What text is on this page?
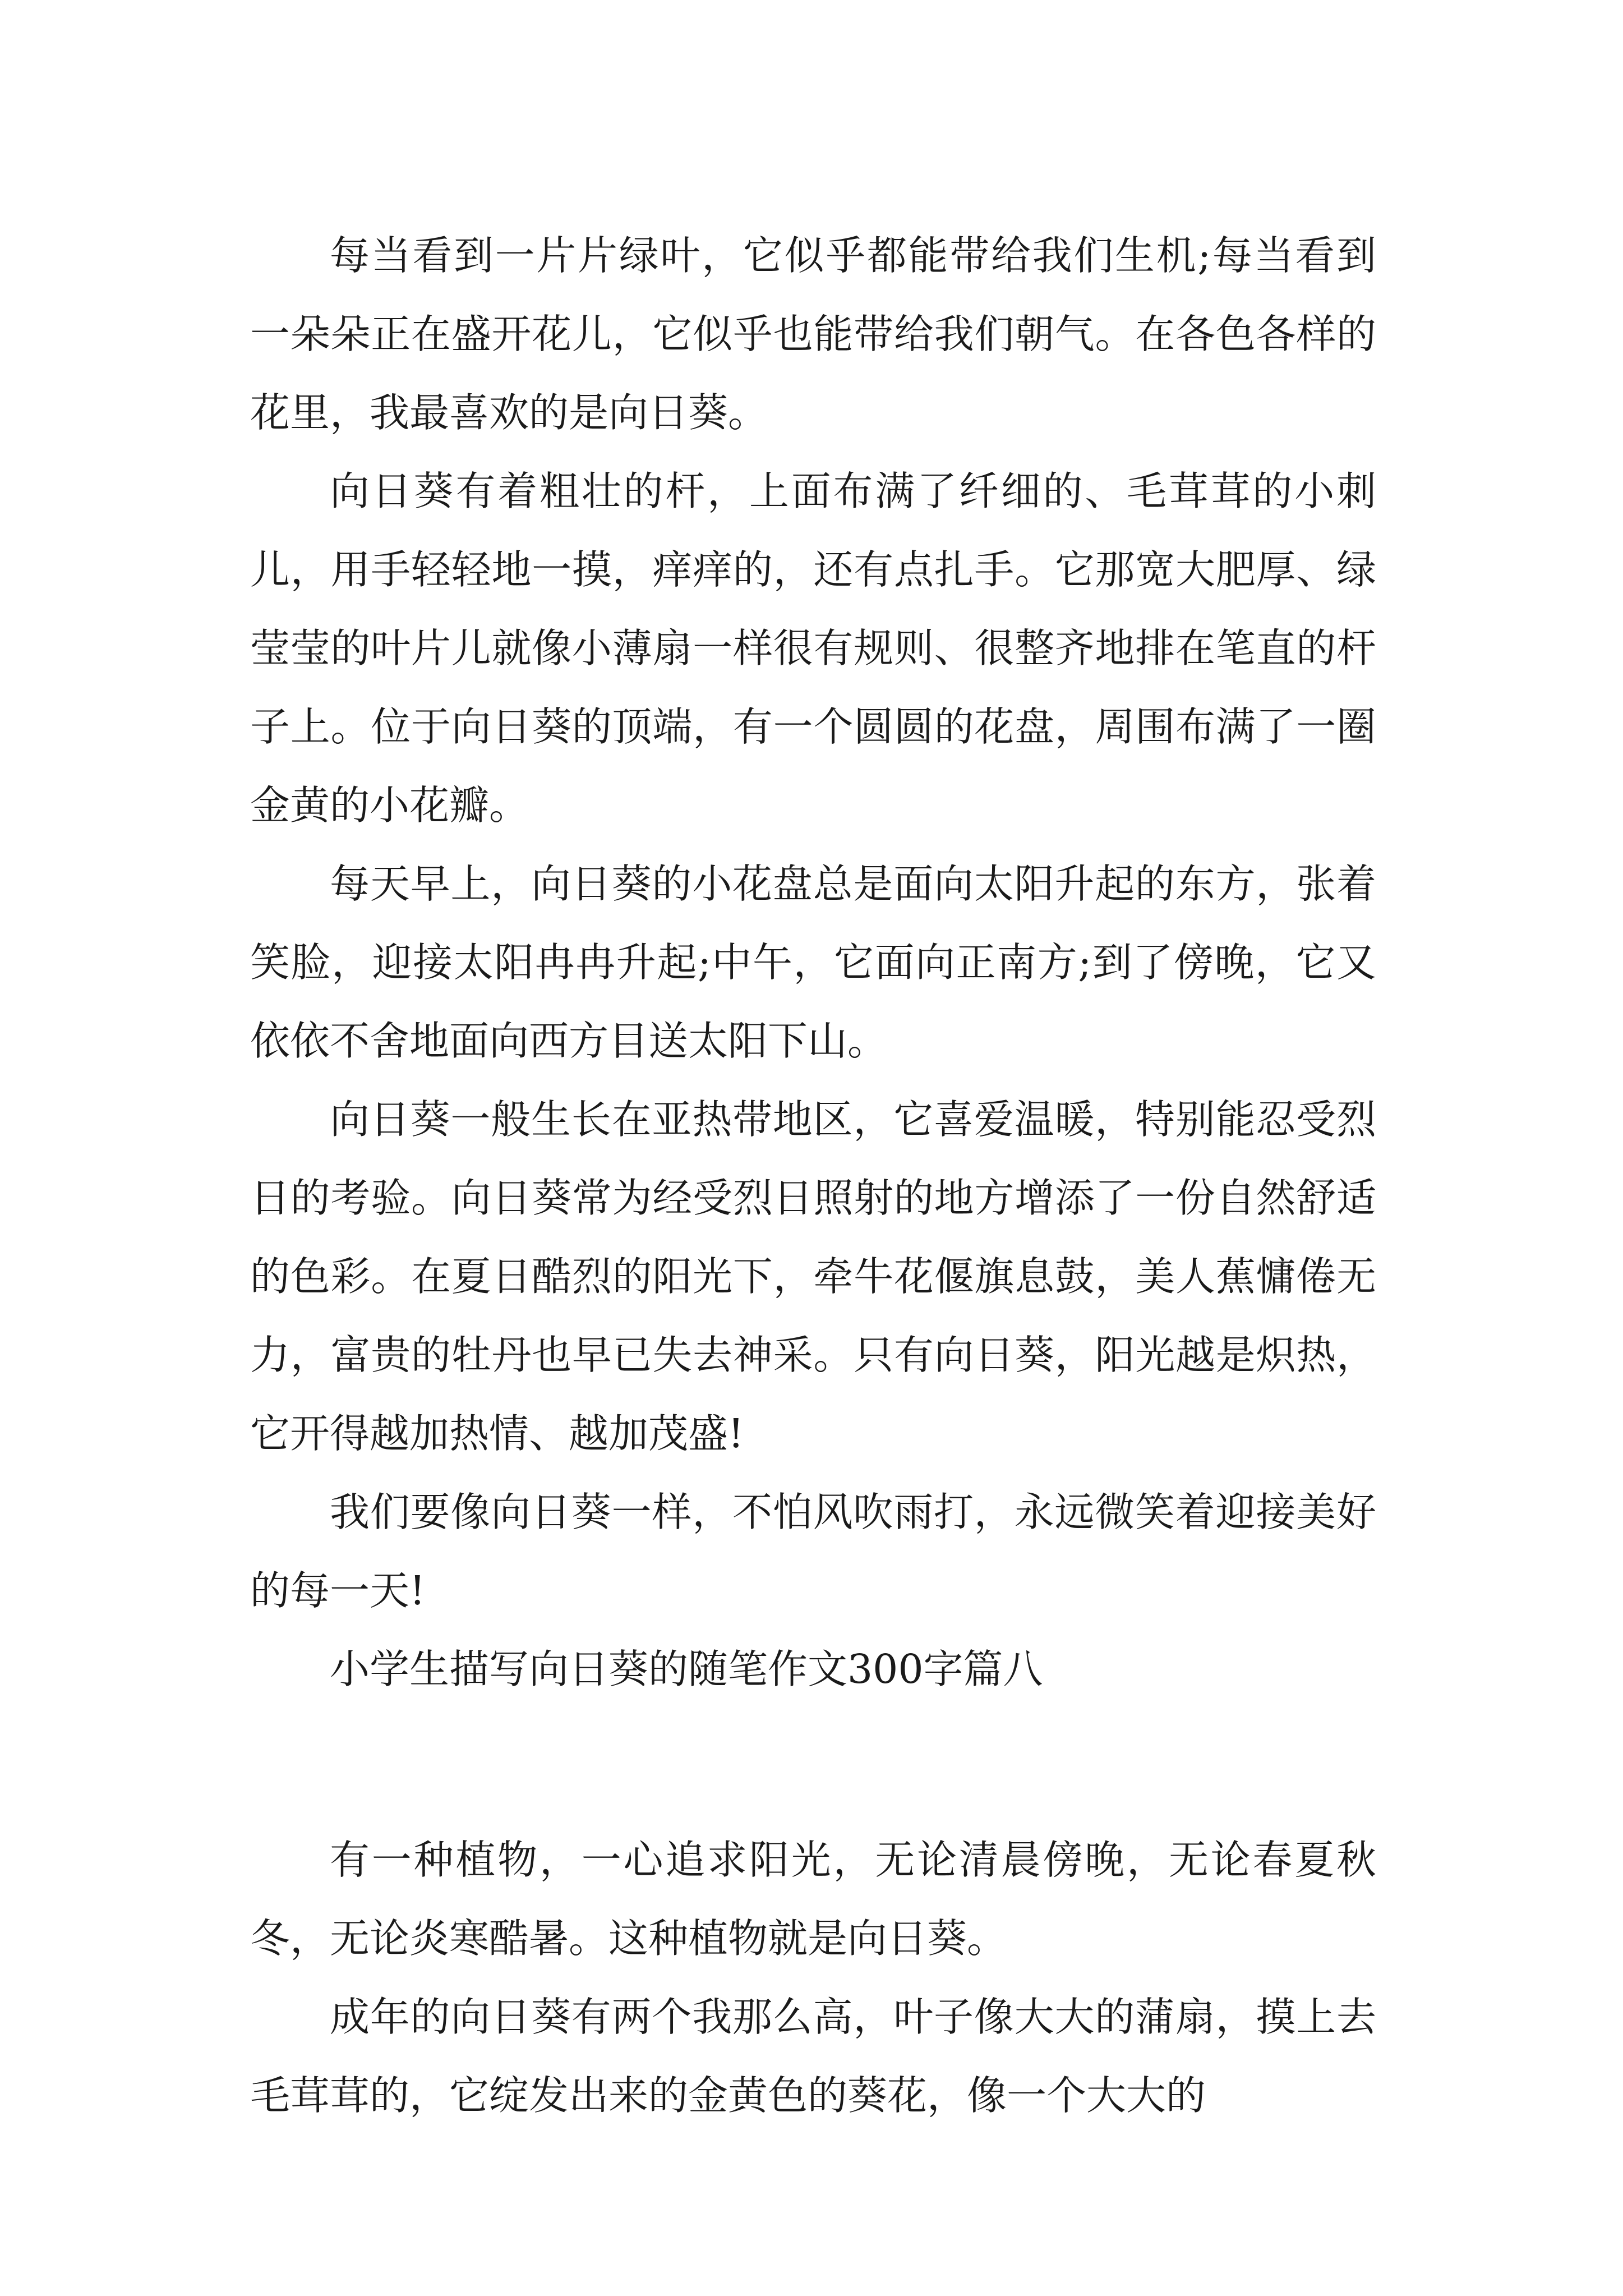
每当看到一片片绿叶，它似乎都能带给我们生机;每当看到一朵朵正在盛开花儿，它似乎也能带给我们朝气。在各色各样的花里，我最喜欢的是向日葵。

向日葵有着粗壮的杆，上面布满了纤细的、毛茸茸的小刺儿，用手轻轻地一摸，痒痒的，还有点扎手。它那宽大肥厚、绿莹莹的叶片儿就像小薄扇一样很有规则、很整齐地排在笔直的杆子上。位于向日葵的顶端，有一个圆圆的花盘，周围布满了一圈金黄的小花瓣。

每天早上，向日葵的小花盘总是面向太阳升起的东方，张着笑脸，迎接太阳冉冉升起;中午，它面向正南方;到了傍晚，它又依依不舍地面向西方目送太阳下山。

向日葵一般生长在亚热带地区，它喜爱温暖，特别能忍受烈日的考验。向日葵常为经受烈日照射的地方增添了一份自然舒适的色彩。在夏日酷烈的阳光下，牵牛花偃旗息鼓，美人蕉慵倦无力，富贵的牡丹也早已失去神采。只有向日葵，阳光越是炽热，它开得越加热情、越加茂盛!

我们要像向日葵一样，不怕风吹雨打，永远微笑着迎接美好的每一天!

小学生描写向日葵的随笔作文300字篇八

有一种植物，一心追求阳光，无论清晨傍晚，无论春夏秋冬，无论炎寒酷暑。这种植物就是向日葵。

成年的向日葵有两个我那么高，叶子像大大的蒲扇，摸上去毛茸茸的，它绽发出来的金黄色的葵花，像一个大大的
